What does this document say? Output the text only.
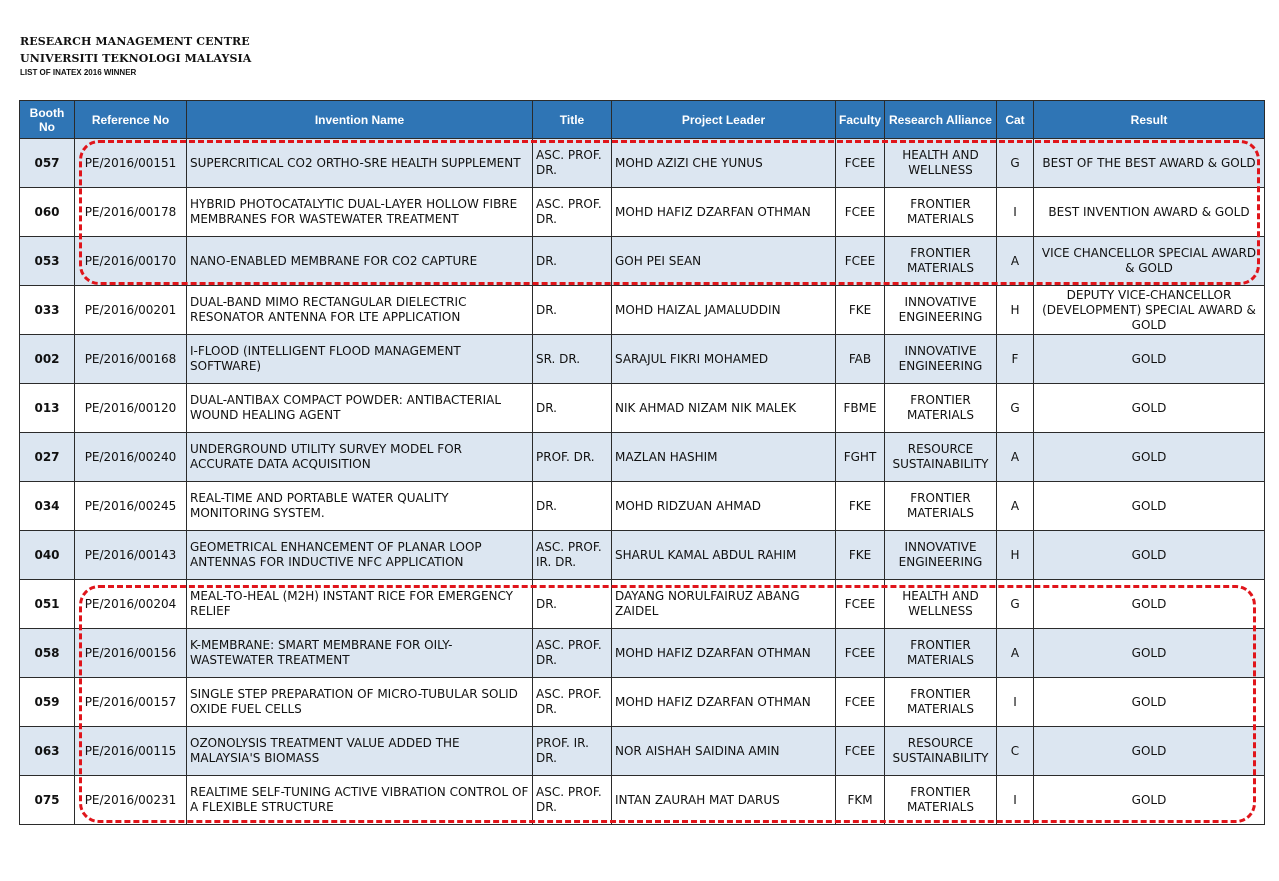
RESEARCH MANAGEMENT CENTRE
UNIVERSITI TEKNOLOGI MALAYSIA
LIST OF INATEX 2016 WINNER
Booth No	Reference No	Invention Name	Title	Project Leader	Faculty	Research Alliance	Cat	Result
057	PE/2016/00151	SUPERCRITICAL CO2 ORTHO-SRE HEALTH SUPPLEMENT	ASC. PROF. DR.	MOHD AZIZI CHE YUNUS	FCEE	HEALTH AND WELLNESS	G	BEST OF THE BEST AWARD & GOLD
060	PE/2016/00178	HYBRID PHOTOCATALYTIC DUAL-LAYER HOLLOW FIBRE MEMBRANES FOR WASTEWATER TREATMENT	ASC. PROF. DR.	MOHD HAFIZ DZARFAN OTHMAN	FCEE	FRONTIER MATERIALS	I	BEST INVENTION AWARD & GOLD
053	PE/2016/00170	NANO-ENABLED MEMBRANE FOR CO2 CAPTURE	DR.	GOH PEI SEAN	FCEE	FRONTIER MATERIALS	A	VICE CHANCELLOR SPECIAL AWARD & GOLD
033	PE/2016/00201	DUAL-BAND MIMO RECTANGULAR DIELECTRIC RESONATOR ANTENNA FOR LTE APPLICATION	DR.	MOHD HAIZAL JAMALUDDIN	FKE	INNOVATIVE ENGINEERING	H	DEPUTY VICE-CHANCELLOR (DEVELOPMENT) SPECIAL AWARD & GOLD
002	PE/2016/00168	I-FLOOD (INTELLIGENT FLOOD MANAGEMENT SOFTWARE)	SR. DR.	SARAJUL FIKRI MOHAMED	FAB	INNOVATIVE ENGINEERING	F	GOLD
013	PE/2016/00120	DUAL-ANTIBAX COMPACT POWDER: ANTIBACTERIAL WOUND HEALING AGENT	DR.	NIK AHMAD NIZAM NIK MALEK	FBME	FRONTIER MATERIALS	G	GOLD
027	PE/2016/00240	UNDERGROUND UTILITY SURVEY MODEL FOR ACCURATE DATA ACQUISITION	PROF. DR.	MAZLAN HASHIM	FGHT	RESOURCE SUSTAINABILITY	A	GOLD
034	PE/2016/00245	REAL-TIME AND PORTABLE WATER QUALITY MONITORING SYSTEM.	DR.	MOHD RIDZUAN AHMAD	FKE	FRONTIER MATERIALS	A	GOLD
040	PE/2016/00143	GEOMETRICAL ENHANCEMENT OF PLANAR LOOP ANTENNAS FOR INDUCTIVE NFC APPLICATION	ASC. PROF. IR. DR.	SHARUL KAMAL ABDUL RAHIM	FKE	INNOVATIVE ENGINEERING	H	GOLD
051	PE/2016/00204	MEAL-TO-HEAL (M2H) INSTANT RICE FOR EMERGENCY RELIEF	DR.	DAYANG NORULFAIRUZ ABANG ZAIDEL	FCEE	HEALTH AND WELLNESS	G	GOLD
058	PE/2016/00156	K-MEMBRANE: SMART MEMBRANE FOR OILY-WASTEWATER TREATMENT	ASC. PROF. DR.	MOHD HAFIZ DZARFAN OTHMAN	FCEE	FRONTIER MATERIALS	A	GOLD
059	PE/2016/00157	SINGLE STEP PREPARATION OF MICRO-TUBULAR SOLID OXIDE FUEL CELLS	ASC. PROF. DR.	MOHD HAFIZ DZARFAN OTHMAN	FCEE	FRONTIER MATERIALS	I	GOLD
063	PE/2016/00115	OZONOLYSIS TREATMENT VALUE ADDED THE MALAYSIA'S BIOMASS	PROF. IR. DR.	NOR AISHAH SAIDINA AMIN	FCEE	RESOURCE SUSTAINABILITY	C	GOLD
075	PE/2016/00231	REALTIME SELF-TUNING ACTIVE VIBRATION CONTROL OF A FLEXIBLE STRUCTURE	ASC. PROF. DR.	INTAN ZAURAH MAT DARUS	FKM	FRONTIER MATERIALS	I	GOLD
